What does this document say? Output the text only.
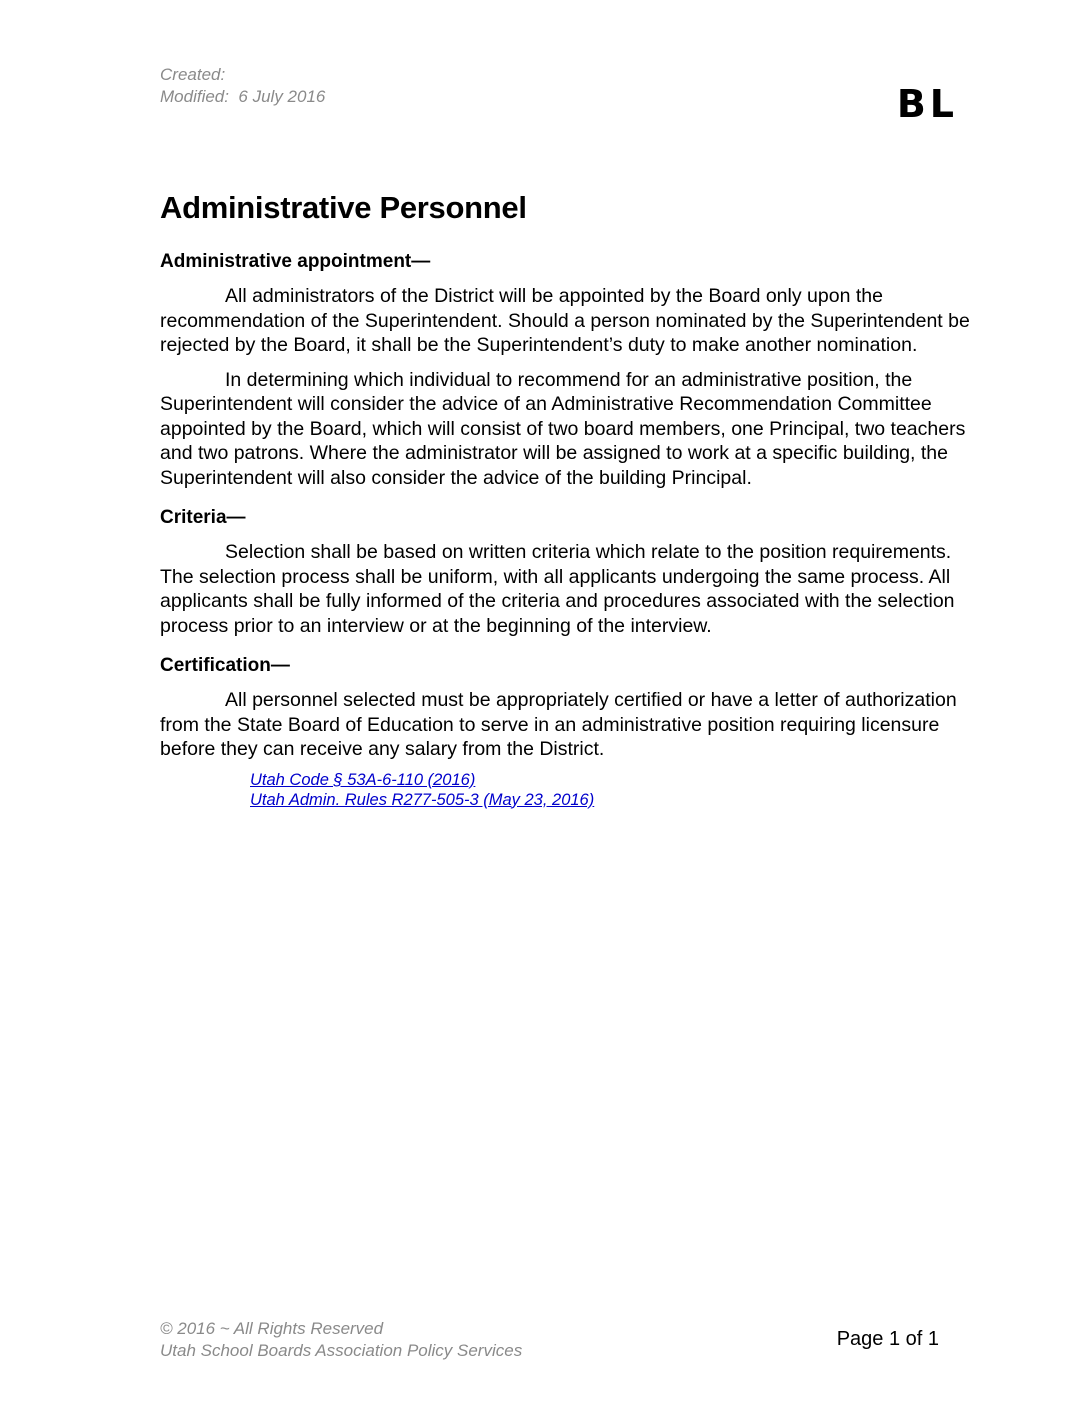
Created:
Modified:  6 July 2016	BL
Administrative Personnel
Administrative appointment—

All administrators of the District will be appointed by the Board only upon the recommendation of the Superintendent. Should a person nominated by the Superintendent be rejected by the Board, it shall be the Superintendent’s duty to make another nomination.

In determining which individual to recommend for an administrative position, the Superintendent will consider the advice of an Administrative Recommendation Committee appointed by the Board, which will consist of two board members, one Principal, two teachers and two patrons. Where the administrator will be assigned to work at a specific building, the Superintendent will also consider the advice of the building Principal.

Criteria—

Selection shall be based on written criteria which relate to the position requirements. The selection process shall be uniform, with all applicants undergoing the same process. All applicants shall be fully informed of the criteria and procedures associated with the selection process prior to an interview or at the beginning of the interview.

Certification—

All personnel selected must be appropriately certified or have a letter of authorization from the State Board of Education to serve in an administrative position requiring licensure before they can receive any salary from the District.

Utah Code § 53A-6-110 (2016)
Utah Admin. Rules R277-505-3 (May 23, 2016)
© 2016 ~ All Rights Reserved
Utah School Boards Association Policy Services
Page 1 of 1
